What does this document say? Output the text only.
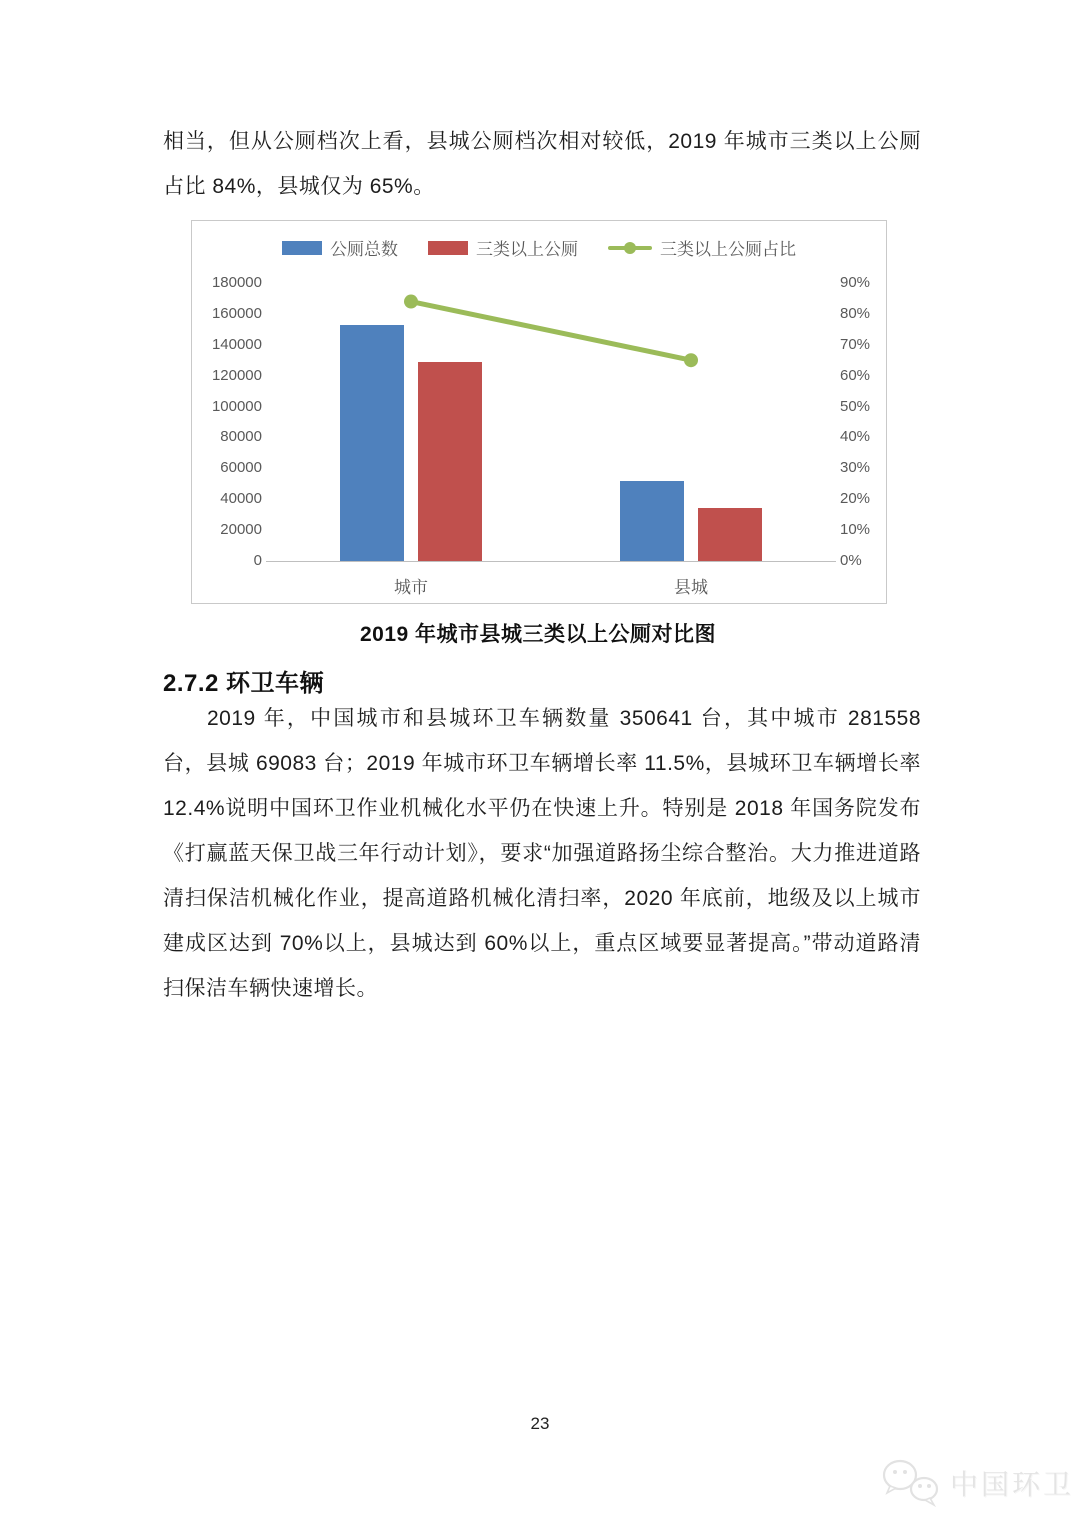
相当，但从公厕档次上看，县城公厕档次相对较低，2019 年城市三类以上公厕占比 84%，县城仅为 65%。

0
20000
40000
60000
80000
100000
120000
140000
160000
180000
0%
10%
20%
30%
40%
50%
60%
70%
80%
90%
城市	县城
公厕总数	三类以上公厕	三类以上公厕占比

2019 年城市县城三类以上公厕对比图

2.7.2 环卫车辆

2019 年，中国城市和县城环卫车辆数量 350641 台，其中城市 281558 台，县城 69083 台；2019 年城市环卫车辆增长率 11.5%，县城环卫车辆增长率 12.4%说明中国环卫作业机械化水平仍在快速上升。特别是 2018 年国务院发布《打赢蓝天保卫战三年行动计划》，要求“加强道路扬尘综合整治。大力推进道路清扫保洁机械化作业，提高道路机械化清扫率，2020 年底前，地级及以上城市建成区达到 70%以上，县城达到 60%以上，重点区域要显著提高。”带动道路清扫保洁车辆快速增长。

23
中国环卫
